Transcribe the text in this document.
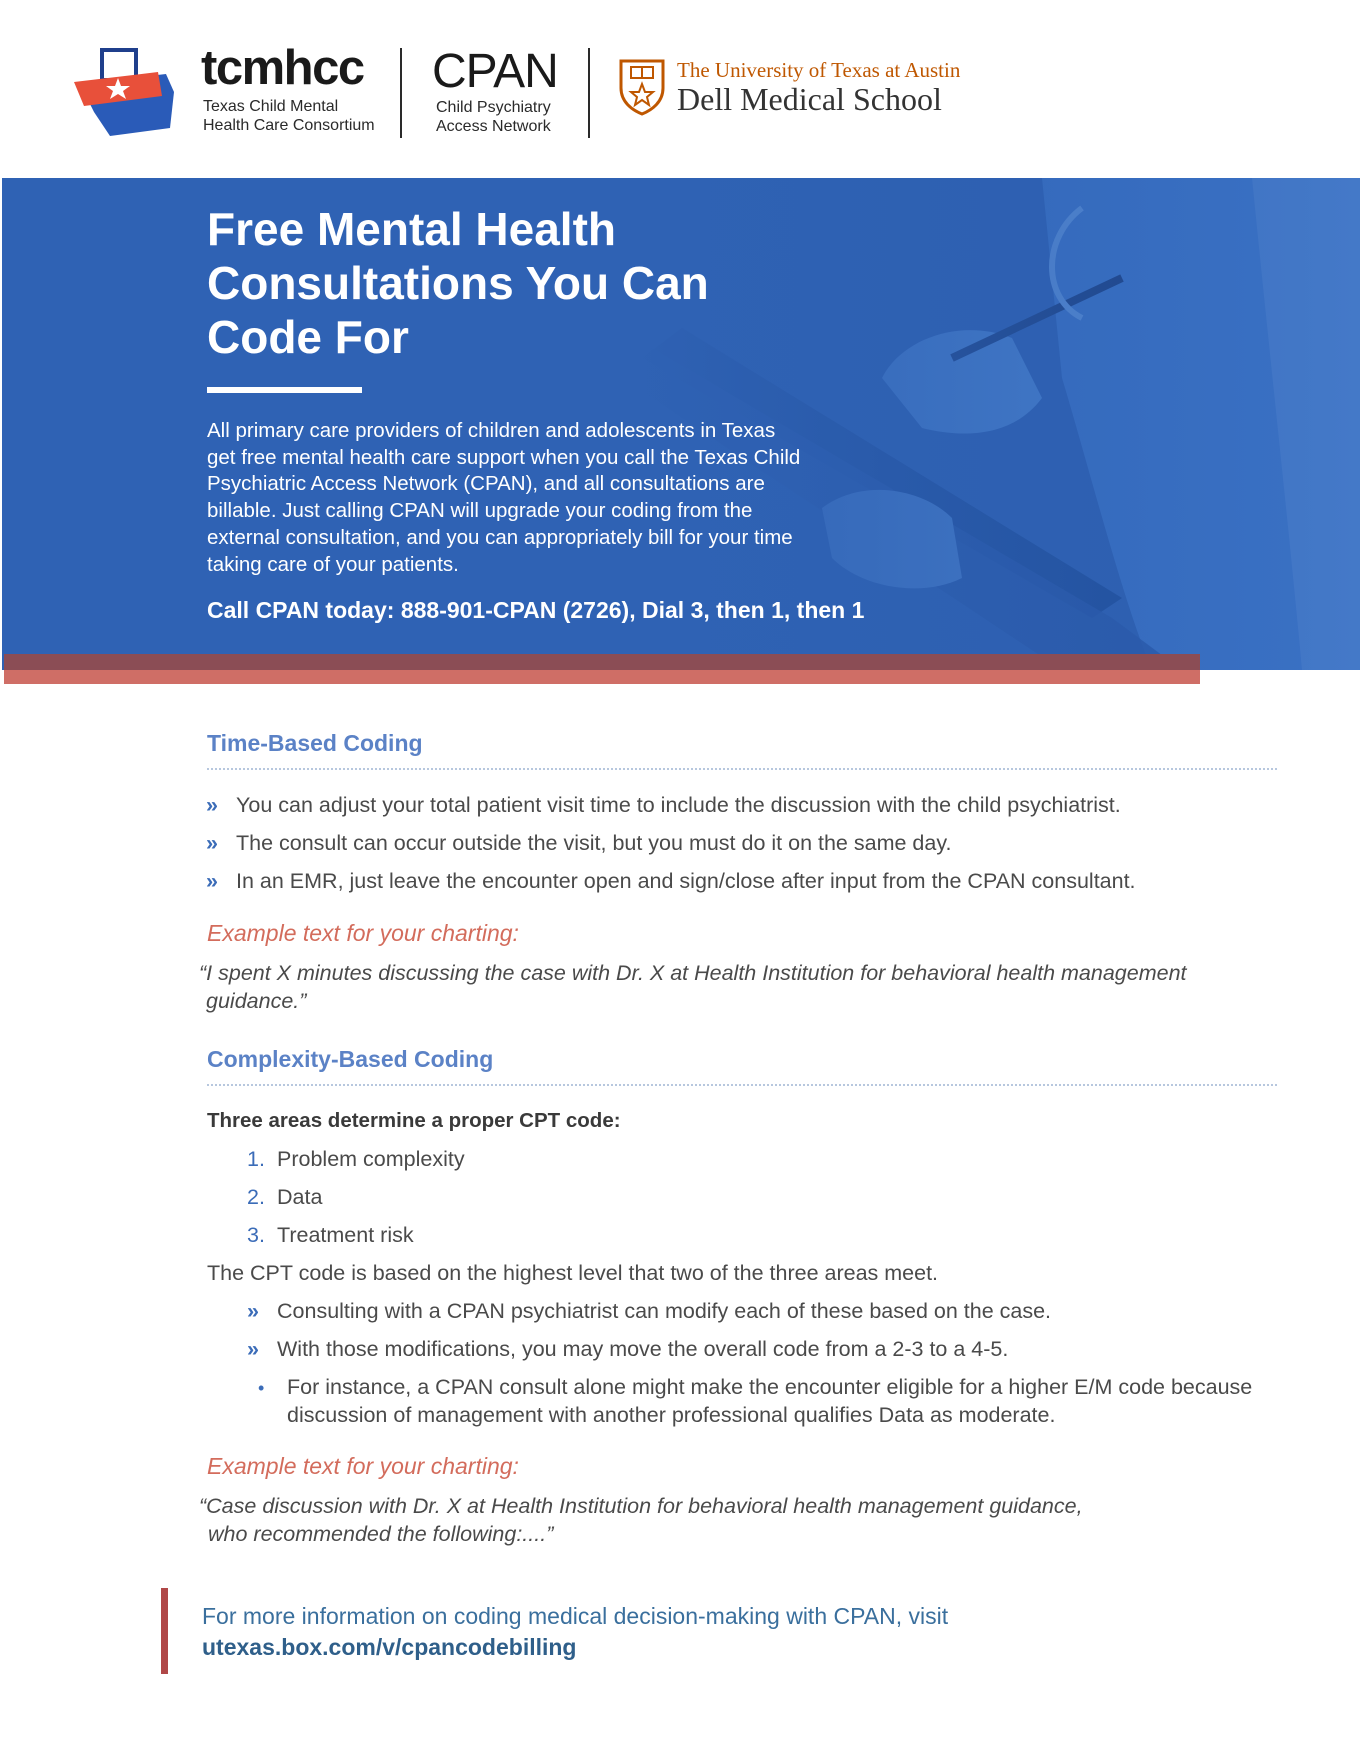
tcmhcc
Texas Child Mental
Health Care Consortium
CPAN
Child Psychiatry
Access Network
The University of Texas at Austin
Dell Medical School
Free Mental Health Consultations You Can Code For
All primary care providers of children and adolescents in Texas get free mental health care support when you call the Texas Child Psychiatric Access Network (CPAN), and all consultations are billable. Just calling CPAN will upgrade your coding from the external consultation, and you can appropriately bill for your time taking care of your patients.
Call CPAN today: 888-901-CPAN (2726), Dial 3, then 1, then 1
Time-Based Coding
» You can adjust your total patient visit time to include the discussion with the child psychiatrist.
» The consult can occur outside the visit, but you must do it on the same day.
» In an EMR, just leave the encounter open and sign/close after input from the CPAN consultant.
Example text for your charting:
“I spent X minutes discussing the case with Dr. X at Health Institution for behavioral health management
guidance.”
Complexity-Based Coding
Three areas determine a proper CPT code:
1. Problem complexity
2. Data
3. Treatment risk
The CPT code is based on the highest level that two of the three areas meet.
» Consulting with a CPAN psychiatrist can modify each of these based on the case.
» With those modifications, you may move the overall code from a 2-3 to a 4-5.
• For instance, a CPAN consult alone might make the encounter eligible for a higher E/M code because discussion of management with another professional qualifies Data as moderate.
Example text for your charting:
“Case discussion with Dr. X at Health Institution for behavioral health management guidance,
who recommended the following:....”
For more information on coding medical decision-making with CPAN, visit
utexas.box.com/v/cpancodebilling
